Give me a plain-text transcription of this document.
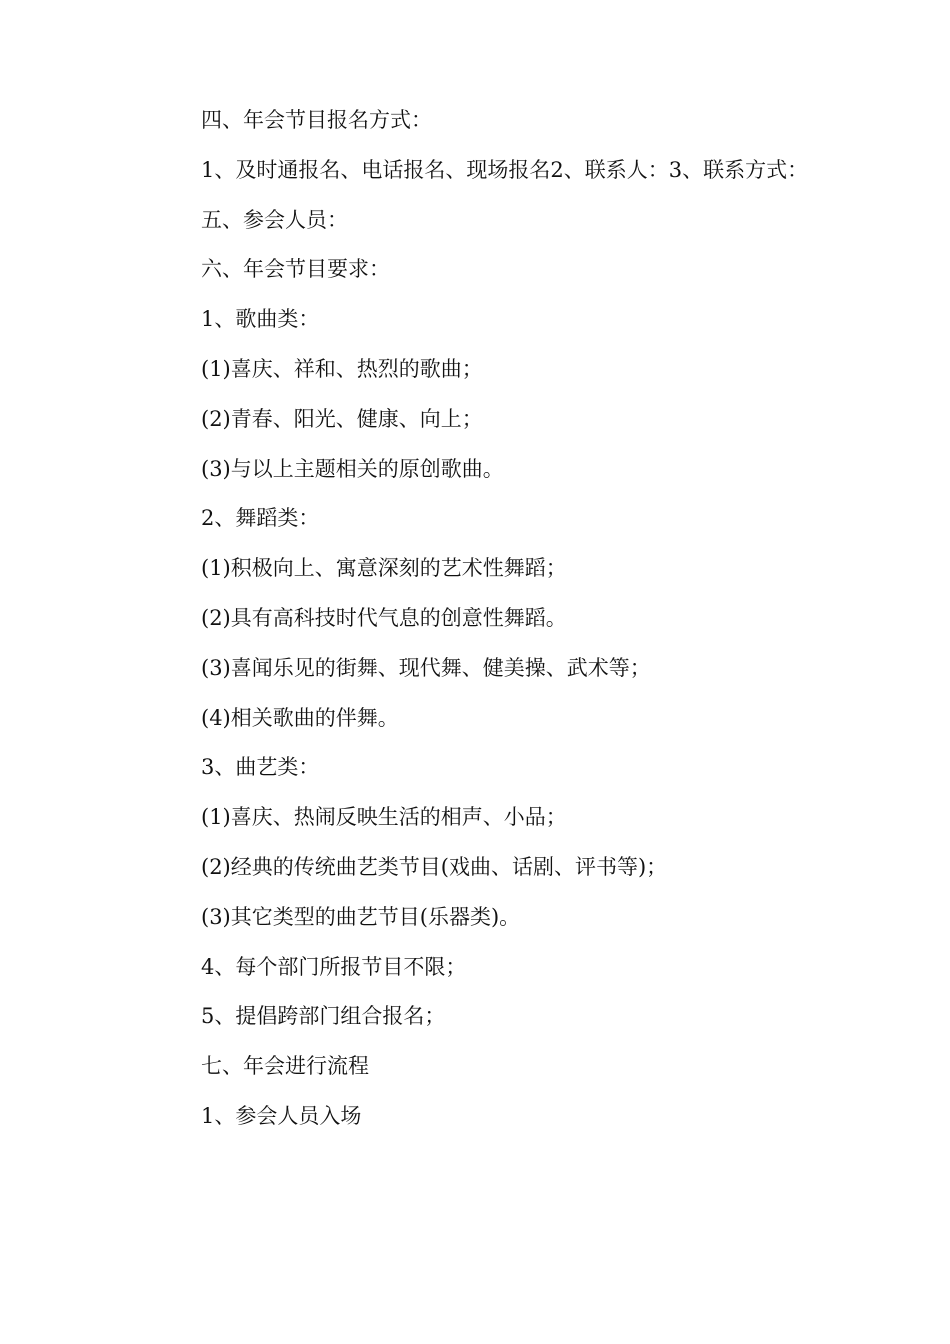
四、年会节目报名方式：

1、及时通报名、电话报名、现场报名2、联系人：3、联系方式：

五、参会人员：

六、年会节目要求：

1、歌曲类：

(1)喜庆、祥和、热烈的歌曲；

(2)青春、阳光、健康、向上；

(3)与以上主题相关的原创歌曲。

2、舞蹈类：

(1)积极向上、寓意深刻的艺术性舞蹈；

(2)具有高科技时代气息的创意性舞蹈。

(3)喜闻乐见的街舞、现代舞、健美操、武术等；

(4)相关歌曲的伴舞。

3、曲艺类：

(1)喜庆、热闹反映生活的相声、小品；

(2)经典的传统曲艺类节目(戏曲、话剧、评书等)；

(3)其它类型的曲艺节目(乐器类)。

4、每个部门所报节目不限；

5、提倡跨部门组合报名；

七、年会进行流程

1、参会人员入场
